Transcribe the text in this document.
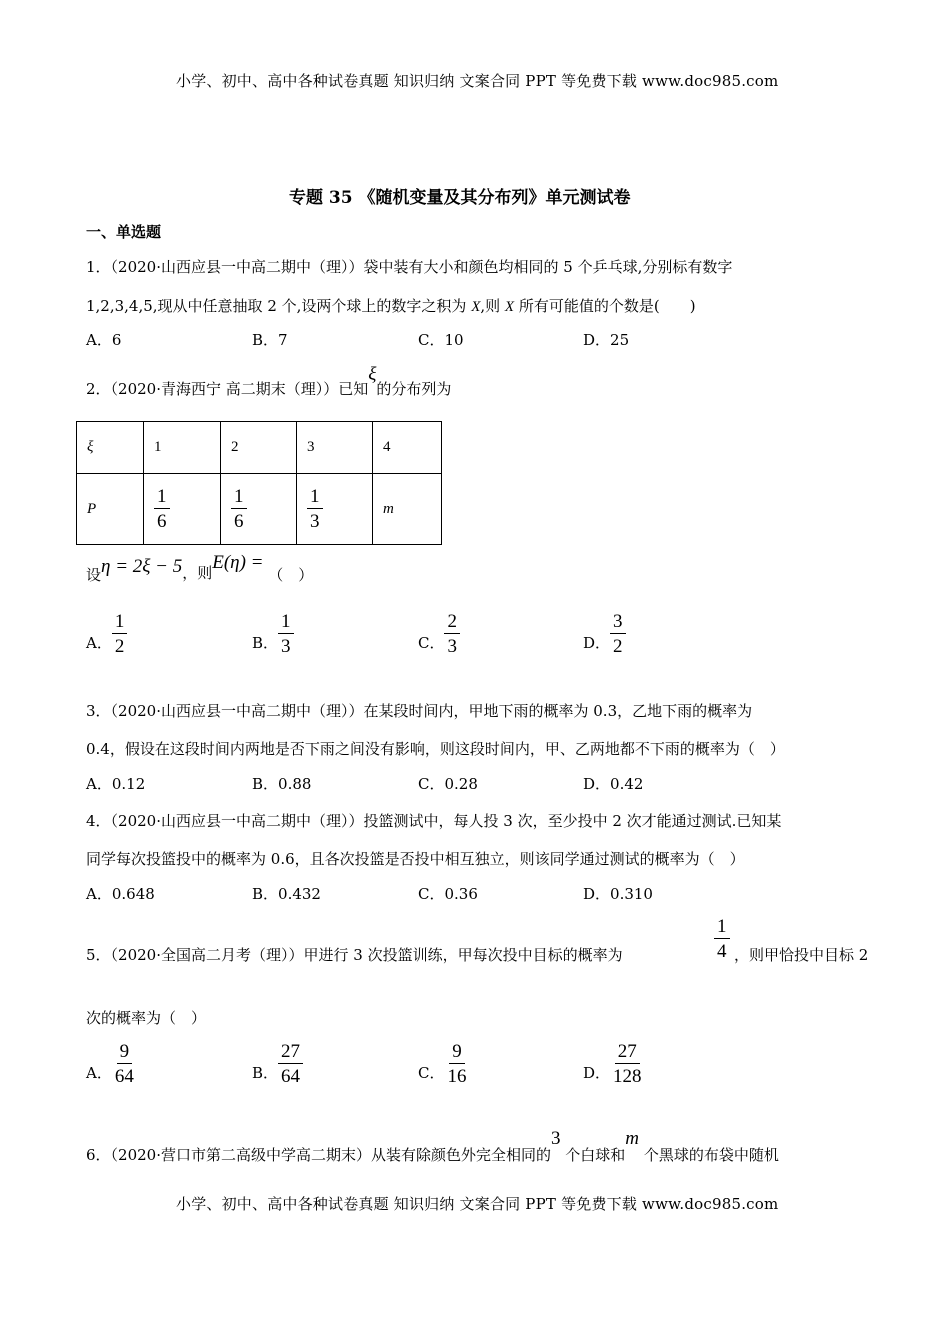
小学、初中、高中各种试卷真题 知识归纳 文案合同 PPT 等免费下载 www.doc985.com
专题 35 《随机变量及其分布列》单元测试卷
一、单选题
1．（2020·山西应县一中高二期中（理））袋中装有大小和颜色均相同的 5 个乒乓球,分别标有数字
1,2,3,4,5,现从中任意抽取 2 个,设两个球上的数字之积为 X,则 X 所有可能值的个数是(　　)
A．6	B．7	C．10	D．25
2．（2020·青海西宁 高二期末（理））已知ξ的分布列为
ξ	1	2	3	4
P	$\frac{1}{6}$	$\frac{1}{6}$	$\frac{1}{3}$	m
设η = 2ξ − 5，则E(η) = （　）
A． $\frac{1}{2}$	B． $\frac{1}{3}$	C． $\frac{2}{3}$	D． $\frac{3}{2}$
3．（2020·山西应县一中高二期中（理））在某段时间内，甲地下雨的概率为 0.3，乙地下雨的概率为
0.4，假设在这段时间内两地是否下雨之间没有影响，则这段时间内，甲、乙两地都不下雨的概率为（　）
A．0.12	B．0.88	C．0.28	D．0.42
4．（2020·山西应县一中高二期中（理））投篮测试中，每人投 3 次，至少投中 2 次才能通过测试.已知某
同学每次投篮投中的概率为 0.6，且各次投篮是否投中相互独立，则该同学通过测试的概率为（　）
A．0.648	B．0.432	C．0.36	D．0.310
5．（2020·全国高二月考（理））甲进行 3 次投篮训练，甲每次投中目标的概率为	$\frac{1}{4}$ ，则甲恰投中目标 2
次的概率为（　）
A． $\frac{9}{64}$	B． $\frac{27}{64}$	C． $\frac{9}{16}$	D． $\frac{27}{128}$
6．（2020·营口市第二高级中学高二期末）从装有除颜色外完全相同的3 个白球和m 个黑球的布袋中随机
小学、初中、高中各种试卷真题 知识归纳 文案合同 PPT 等免费下载 www.doc985.com
